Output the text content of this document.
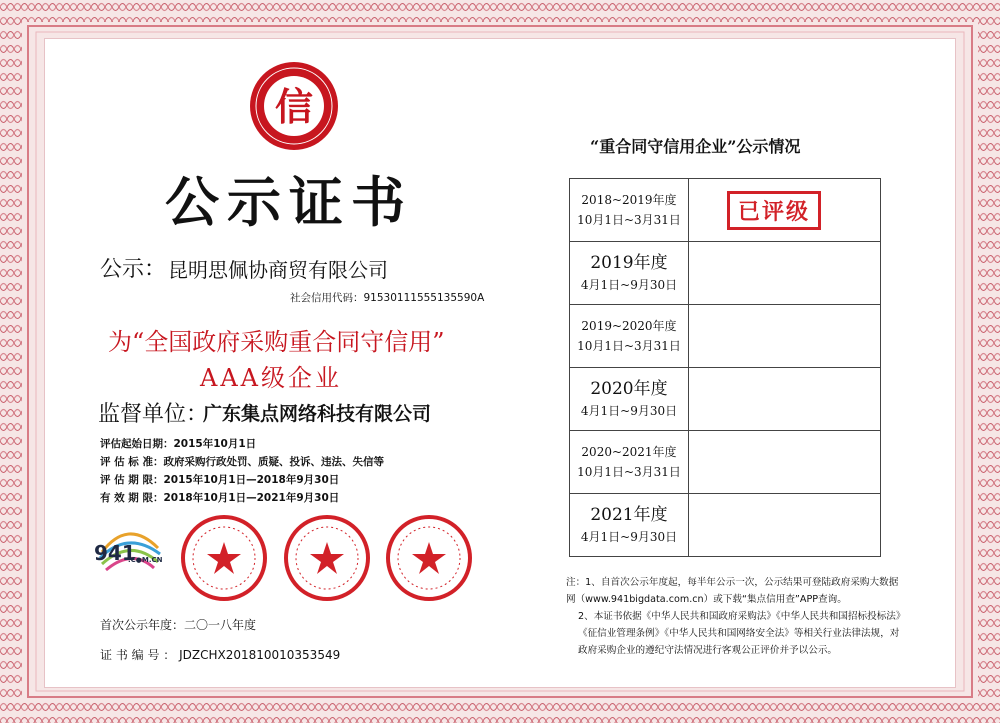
信
公示证书
公示： 昆明思佩协商贸有限公司
社会信用代码：91530111555135590A
为“全国政府采购重合同守信用”
AAA级企业
监督单位：
广东集点网络科技有限公司
评估起始日期：2015年10月1日
评 估 标 准：政府采购行政处罚、质疑、投诉、违法、失信等
评 估 期 限：2015年10月1日—2018年9月30日
有 效 期 限：2018年10月1日—2021年9月30日
941
.C●M.CN
首次公示年度：二〇一八年度
证 书 编 号 ： JDZCHX201810010353549
“重合同守信用企业”公示情况
2018~2019年度
10月1日~3月31日	已评级

2019年度
4月1日~9月30日	

2019~2020年度
10月1日~3月31日	

2020年度
4月1日~9月30日	

2020~2021年度
10月1日~3月31日	

2021年度
4月1日~9月30日	

注：1、自首次公示年度起，每半年公示一次，公示结果可登陆政府采购大数据网（www.941bigdata.com.cn）或下载“集点信用查”APP查询。

2、本证书依据《中华人民共和国政府采购法》《中华人民共和国招标投标法》《征信业管理条例》《中华人民共和国网络安全法》等相关行业法律法规，对政府采购企业的遵纪守法情况进行客观公正评价并予以公示。
